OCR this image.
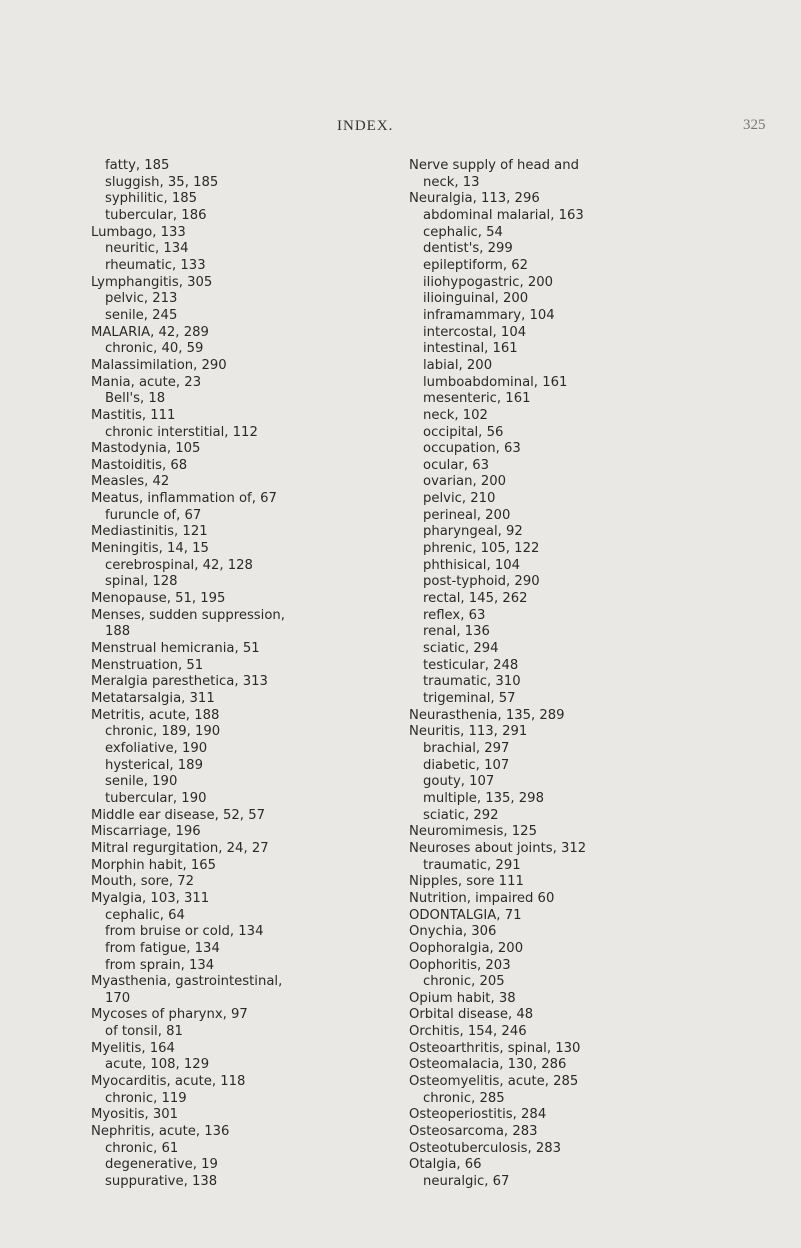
INDEX.	325
fatty, 185
sluggish, 35, 185
syphilitic, 185
tubercular, 186
Lumbago, 133
neuritic, 134
rheumatic, 133
Lymphangitis, 305
pelvic, 213
senile, 245
MALARIA, 42, 289
chronic, 40, 59
Malassimilation, 290
Mania, acute, 23
Bell's, 18
Mastitis, 111
chronic interstitial, 112
Mastodynia, 105
Mastoiditis, 68
Measles, 42
Meatus, inflammation of, 67
furuncle of, 67
Mediastinitis, 121
Meningitis, 14, 15
cerebrospinal, 42, 128
spinal, 128
Menopause, 51, 195
Menses, sudden suppression,
188
Menstrual hemicrania, 51
Menstruation, 51
Meralgia paresthetica, 313
Metatarsalgia, 311
Metritis, acute, 188
chronic, 189, 190
exfoliative, 190
hysterical, 189
senile, 190
tubercular, 190
Middle ear disease, 52, 57
Miscarriage, 196
Mitral regurgitation, 24, 27
Morphin habit, 165
Mouth, sore, 72
Myalgia, 103, 311
cephalic, 64
from bruise or cold, 134
from fatigue, 134
from sprain, 134
Myasthenia, gastrointestinal,
170
Mycoses of pharynx, 97
of tonsil, 81
Myelitis, 164
acute, 108, 129
Myocarditis, acute, 118
chronic, 119
Myositis, 301
Nephritis, acute, 136
chronic, 61
degenerative, 19
suppurative, 138
Nerve supply of head and
neck, 13
Neuralgia, 113, 296
abdominal malarial, 163
cephalic, 54
dentist's, 299
epileptiform, 62
iliohypogastric, 200
ilioinguinal, 200
inframammary, 104
intercostal, 104
intestinal, 161
labial, 200
lumboabdominal, 161
mesenteric, 161
neck, 102
occipital, 56
occupation, 63
ocular, 63
ovarian, 200
pelvic, 210
perineal, 200
pharyngeal, 92
phrenic, 105, 122
phthisical, 104
post-typhoid, 290
rectal, 145, 262
reflex, 63
renal, 136
sciatic, 294
testicular, 248
traumatic, 310
trigeminal, 57
Neurasthenia, 135, 289
Neuritis, 113, 291
brachial, 297
diabetic, 107
gouty, 107
multiple, 135, 298
sciatic, 292
Neuromimesis, 125
Neuroses about joints, 312
traumatic, 291
Nipples, sore 111
Nutrition, impaired 60
ODONTALGIA, 71
Onychia, 306
Oophoralgia, 200
Oophoritis, 203
chronic, 205
Opium habit, 38
Orbital disease, 48
Orchitis, 154, 246
Osteoarthritis, spinal, 130
Osteomalacia, 130, 286
Osteomyelitis, acute, 285
chronic, 285
Osteoperiostitis, 284
Osteosarcoma, 283
Osteotuberculosis, 283
Otalgia, 66
neuralgic, 67
